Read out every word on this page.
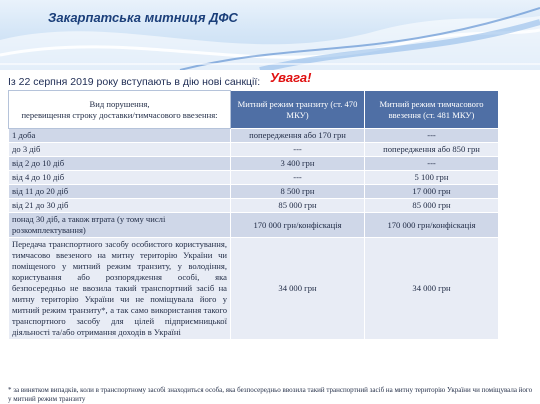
Закарпатська митниця ДФС
Із 22 серпня 2019 року вступають в дію нові санкції: Увага!
Вид порушення,
перевищення строку доставки/тимчасового ввезення:	Митний режим транзиту (ст. 470 МКУ)	Митний режим тимчасового ввезення (ст. 481 МКУ)
1 доба	попередження або 170 грн	---
до 3 діб	---	попередження або 850 грн
від 2 до 10 діб	3 400 грн	---
від 4 до 10 діб	---	5 100 грн
від 11 до 20 діб	8 500 грн	17 000 грн
від 21 до 30 діб	85 000 грн	85 000 грн
понад 30 діб, а також втрата (у тому числі розкомплектування)	170 000 грн/конфіскація	170 000 грн/конфіскація
Передача транспортного засобу особистого користування, тимчасово ввезеного на митну територію України чи поміщеного у митний режим транзиту, у володіння, користування або розпорядження особі, яка безпосередньо не ввозила такий транспортний засіб на митну територію України чи не поміщувала його у митний режим транзиту*, а так само використання такого транспортного засобу для цілей підприємницької діяльності та/або отримання доходів в Україні	34 000 грн	34 000 грн
* за винятком випадків, коли в транспортному засобі знаходиться особа, яка безпосередньо ввозила такий транспортний засіб на митну територію України чи поміщувала його у митний режим транзиту
